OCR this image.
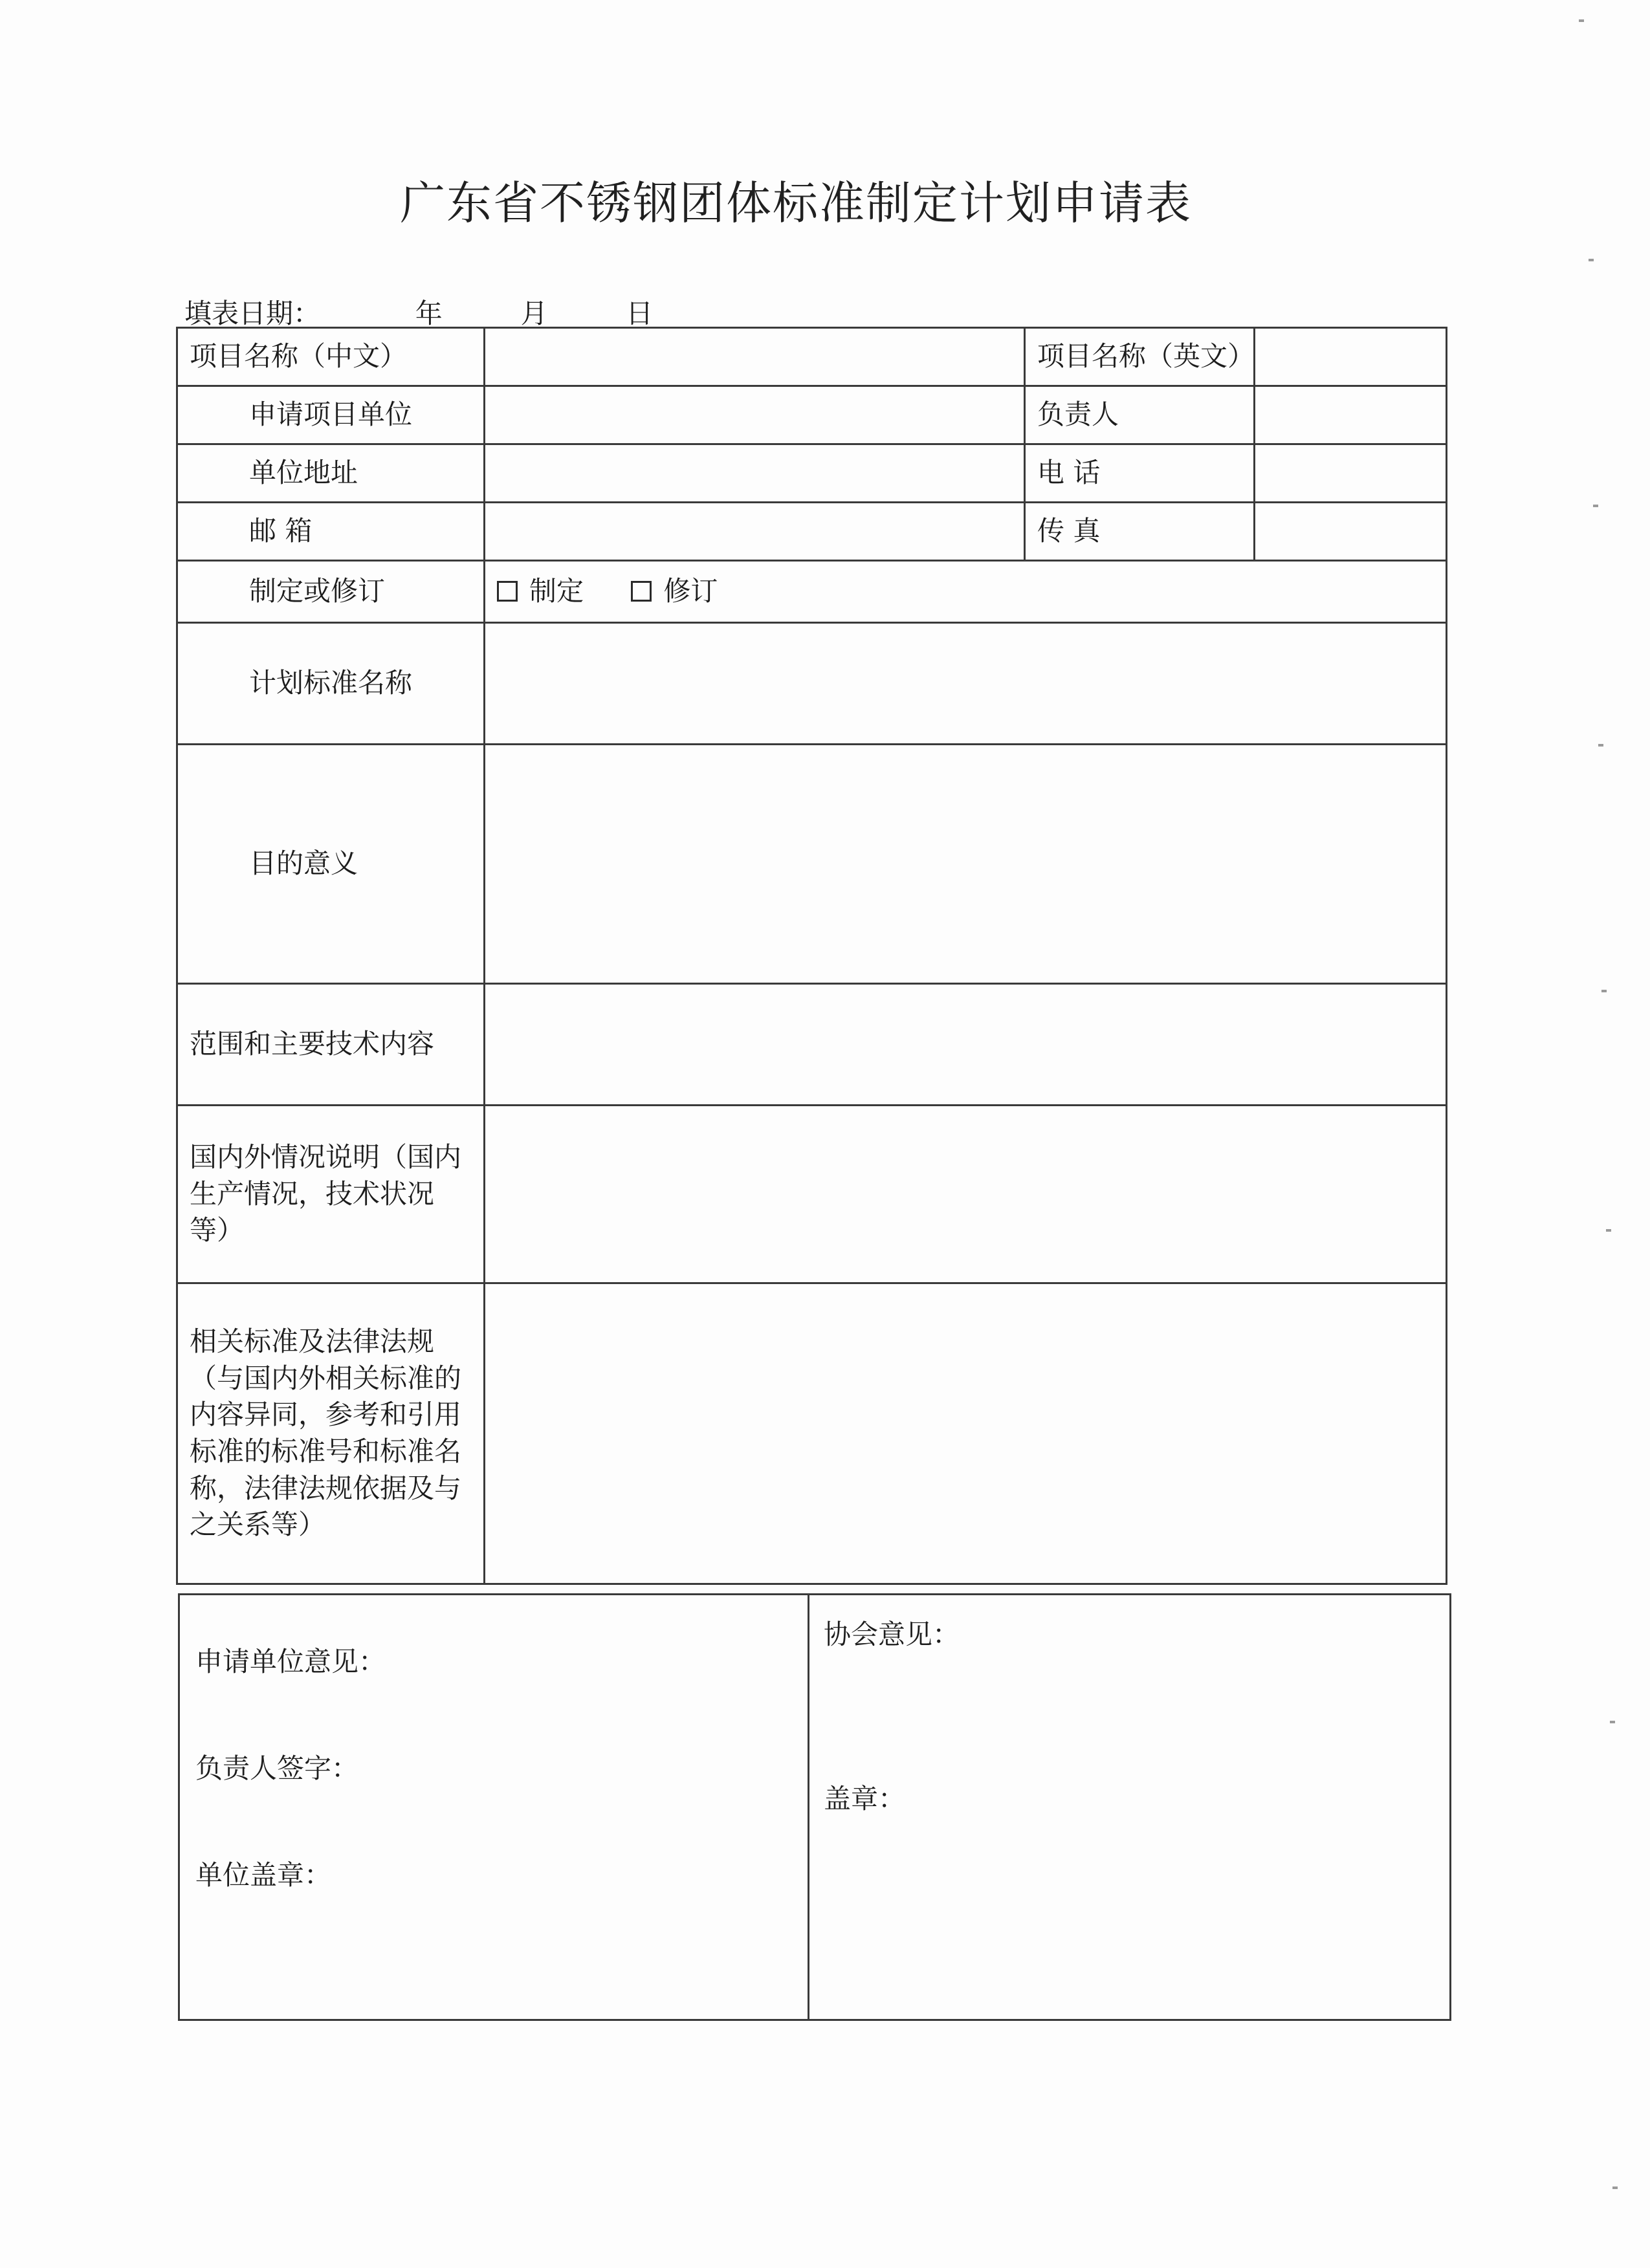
广东省不锈钢团体标准制定计划申请表
填表日期：	年	月	日
项目名称（中文）		项目名称（英文）	
申请项目单位		负责人	
单位地址		电 话	
邮 箱		传 真	
制定或修订	制定 修订		
计划标准名称			
目的意义			
范围和主要技术内容			
国内外情况说明（国内生产情况，技术状况等）			
相关标准及法律法规（与国内外相关标准的内容异同，参考和引用标准的标准号和标准名称，法律法规依据及与之关系等）			
申请单位意见：
负责人签字：
单位盖章：

协会意见：
盖章：
